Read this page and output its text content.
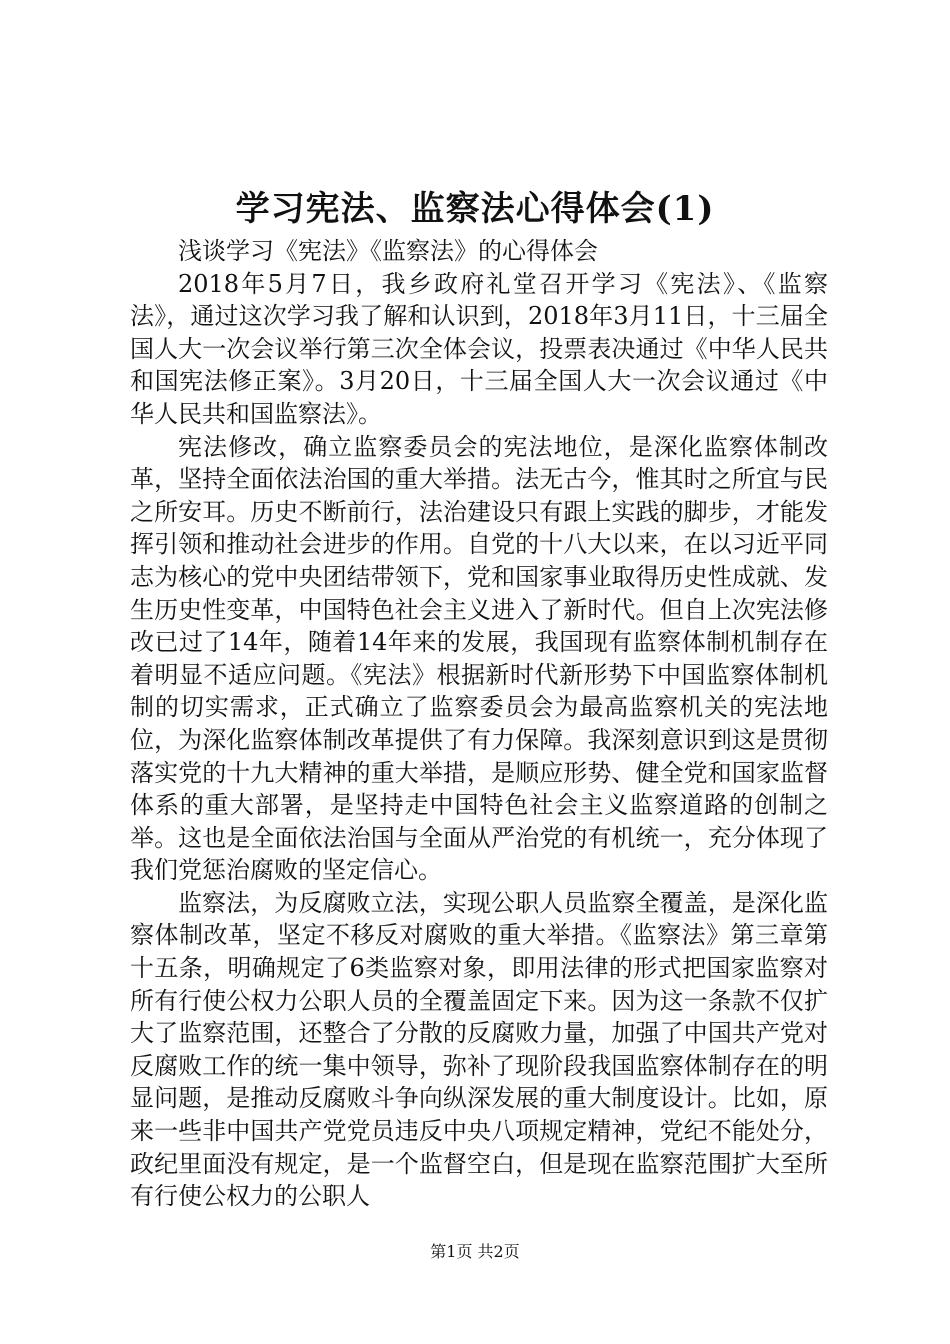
学习宪法、监察法心得体会(1)

浅谈学习《宪法》《监察法》的心得体会

2018年5月7日，我乡政府礼堂召开学习《宪法》、《监察法》，通过这次学习我了解和认识到，2018年3月11日，十三届全国人大一次会议举行第三次全体会议，投票表决通过《中华人民共和国宪法修正案》。3月20日，十三届全国人大一次会议通过《中华人民共和国监察法》。

宪法修改，确立监察委员会的宪法地位，是深化监察体制改革，坚持全面依法治国的重大举措。法无古今，惟其时之所宜与民之所安耳。历史不断前行，法治建设只有跟上实践的脚步，才能发挥引领和推动社会进步的作用。自党的十八大以来，在以习近平同志为核心的党中央团结带领下，党和国家事业取得历史性成就、发生历史性变革，中国特色社会主义进入了新时代。但自上次宪法修改已过了14年，随着14年来的发展，我国现有监察体制机制存在着明显不适应问题。《宪法》根据新时代新形势下中国监察体制机制的切实需求，正式确立了监察委员会为最高监察机关的宪法地位，为深化监察体制改革提供了有力保障。我深刻意识到这是贯彻落实党的十九大精神的重大举措，是顺应形势、健全党和国家监督体系的重大部署，是坚持走中国特色社会主义监察道路的创制之举。这也是全面依法治国与全面从严治党的有机统一，充分体现了我们党惩治腐败的坚定信心。

监察法，为反腐败立法，实现公职人员监察全覆盖，是深化监察体制改革，坚定不移反对腐败的重大举措。《监察法》第三章第十五条，明确规定了6类监察对象，即用法律的形式把国家监察对所有行使公权力公职人员的全覆盖固定下来。因为这一条款不仅扩大了监察范围，还整合了分散的反腐败力量，加强了中国共产党对反腐败工作的统一集中领导，弥补了现阶段我国监察体制存在的明显问题，是推动反腐败斗争向纵深发展的重大制度设计。比如，原来一些非中国共产党党员违反中央八项规定精神，党纪不能处分，政纪里面没有规定，是一个监督空白，但是现在监察范围扩大至所有行使公权力的公职人

第1页 共2页
